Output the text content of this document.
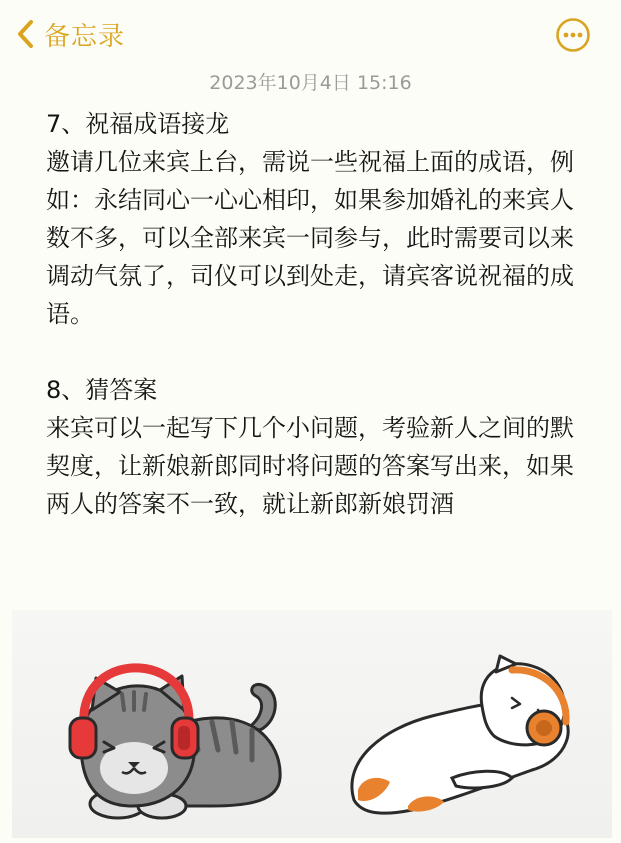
备忘录
2023年10月4日 15:16

7、祝福成语接龙

邀请几位来宾上台，需说一些祝福上面的成语，例如：永结同心一心心相印，如果参加婚礼的来宾人数不多，可以全部来宾一同参与，此时需要司以来调动气氛了，司仪可以到处走，请宾客说祝福的成语。

8、猜答案

来宾可以一起写下几个小问题，考验新人之间的默契度，让新娘新郎同时将问题的答案写出来，如果两人的答案不一致，就让新郎新娘罚酒
